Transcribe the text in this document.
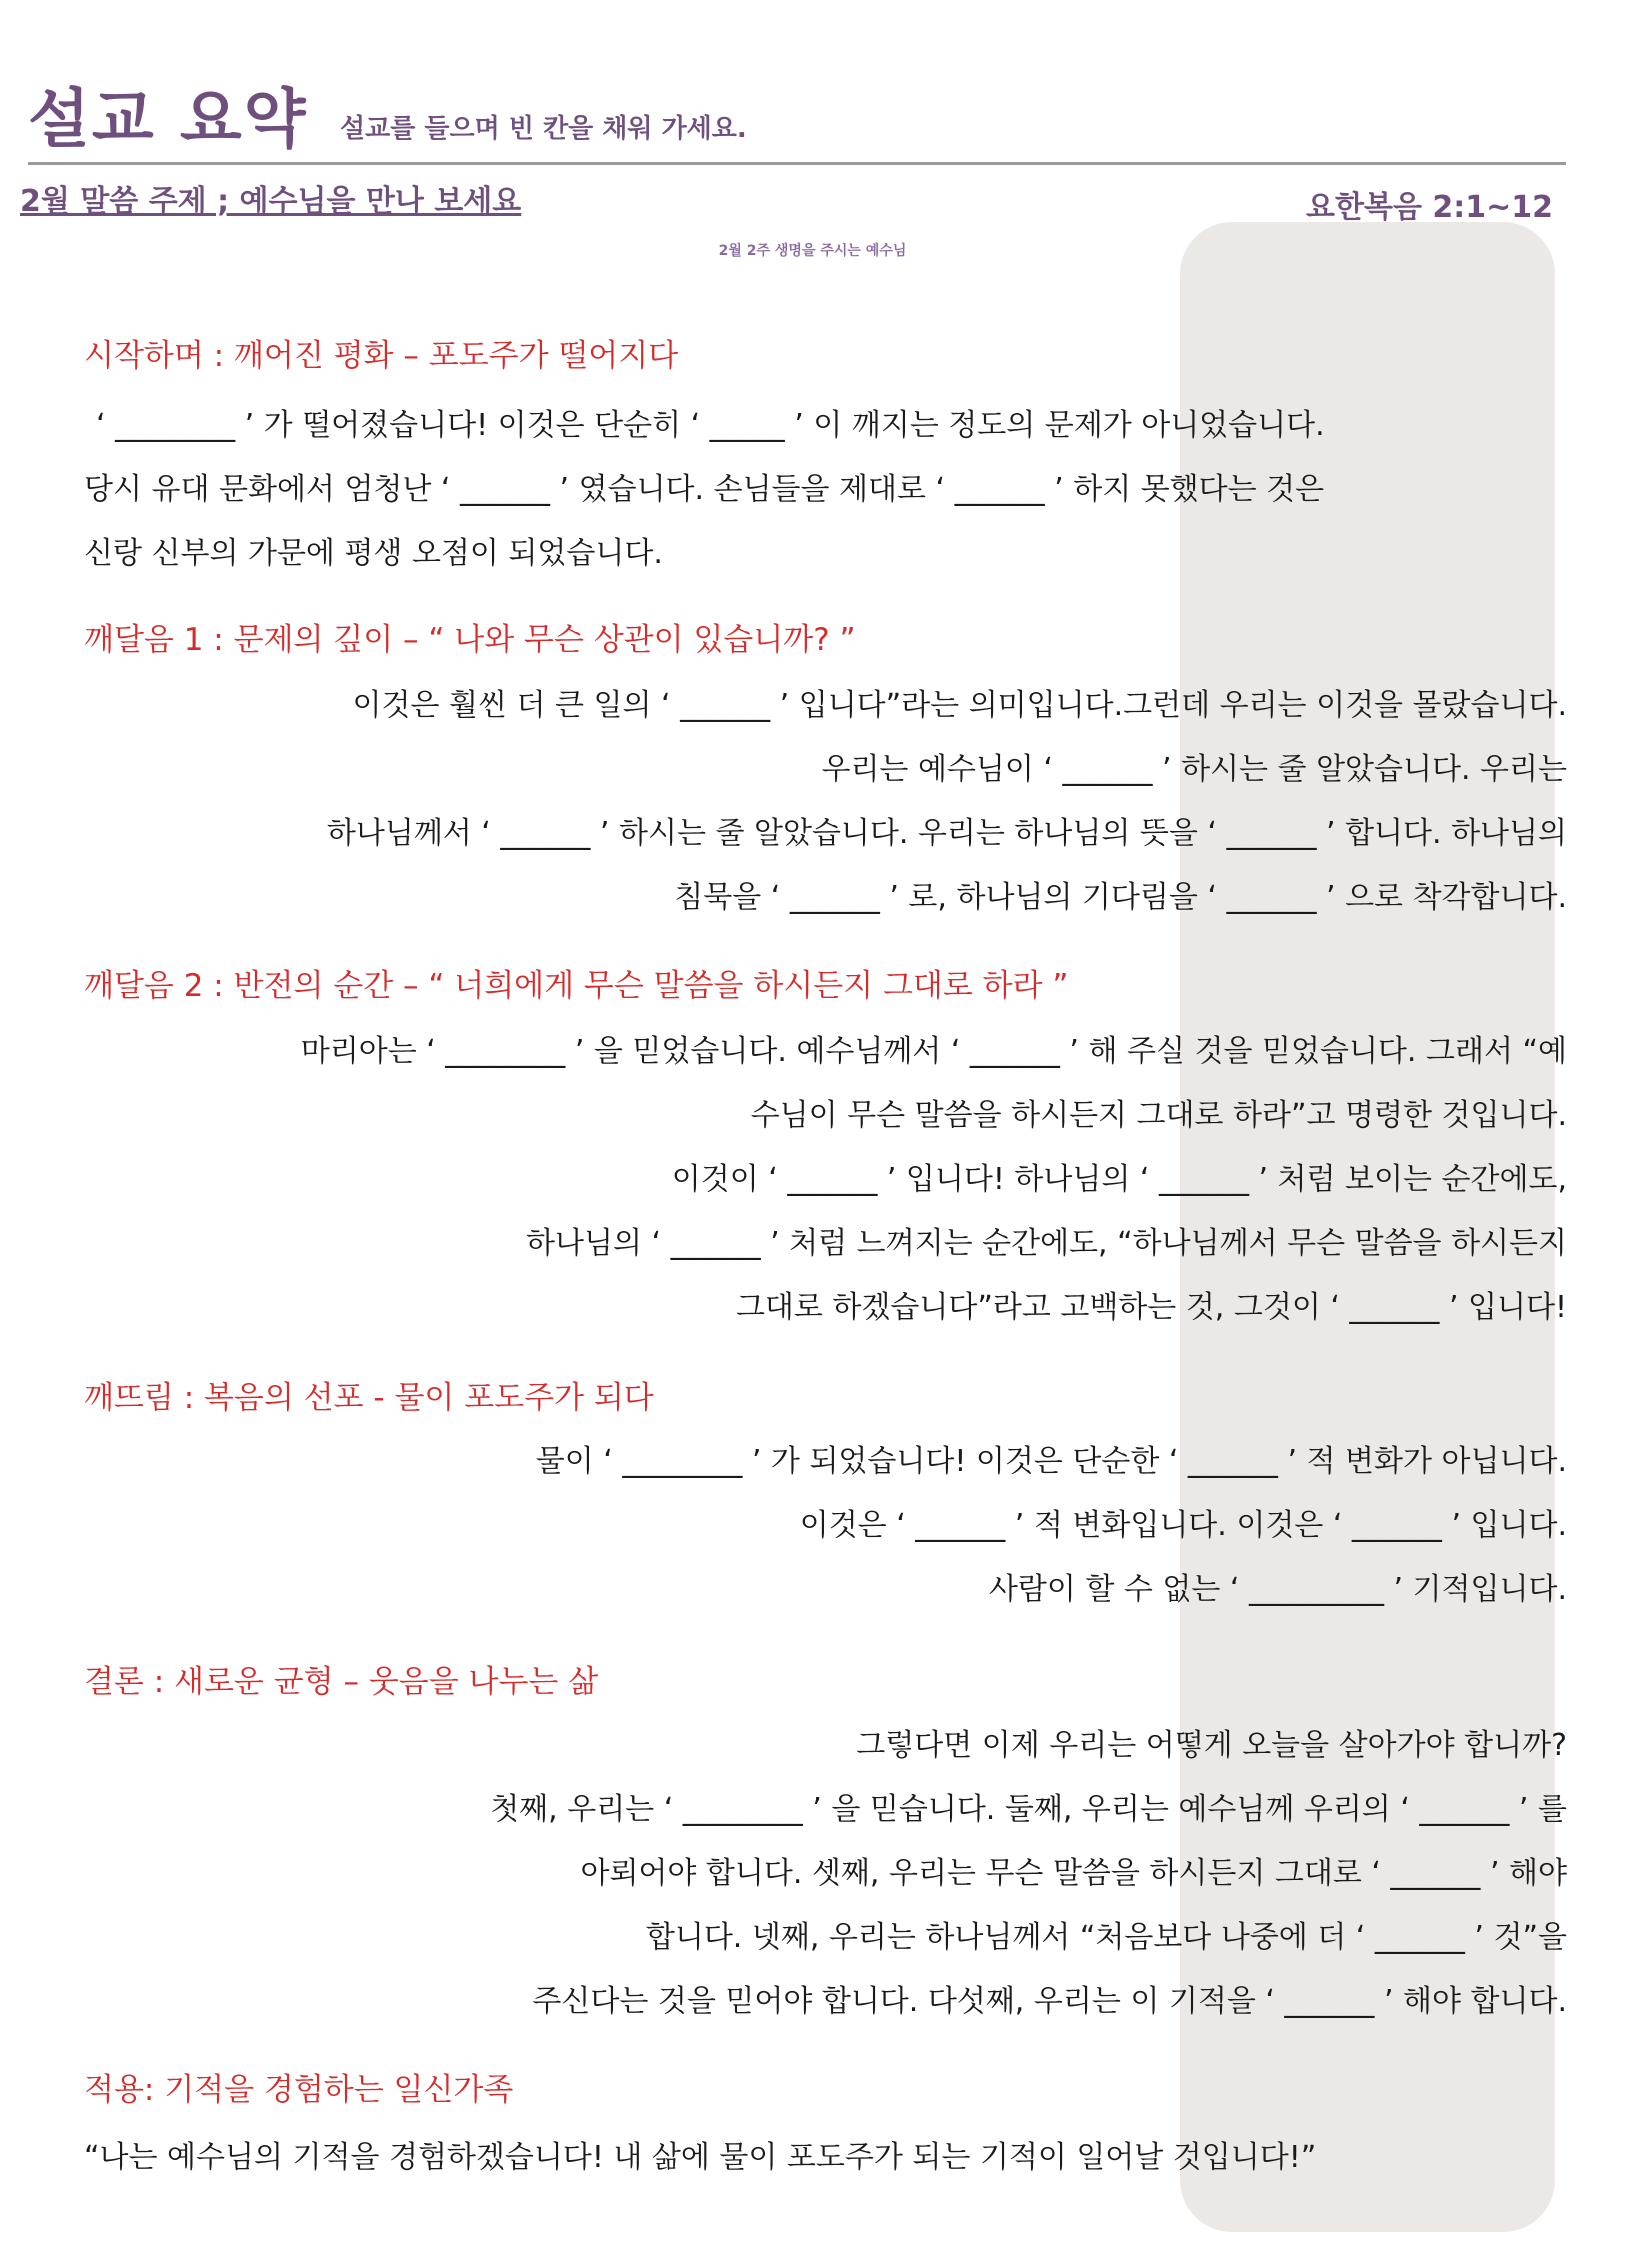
설교 요약 설교를 들으며 빈 칸을 채워 가세요.
2월 말씀 주제 ; 예수님을 만나 보세요	요한복음 2:1~12
2월 2주 생명을 주시는 예수님
시작하며 : 깨어진 평화 – 포도주가 떨어지다
‘ ________ ’ 가 떨어졌습니다! 이것은 단순히 ‘ _____ ’ 이 깨지는 정도의 문제가 아니었습니다.
당시 유대 문화에서 엄청난 ‘ ______ ’ 였습니다. 손님들을 제대로 ‘ ______ ’ 하지 못했다는 것은
신랑 신부의 가문에 평생 오점이 되었습니다.
깨달음 1 : 문제의 깊이 – “ 나와 무슨 상관이 있습니까? ”
이것은 훨씬 더 큰 일의 ‘ ______ ’ 입니다”라는 의미입니다.그런데 우리는 이것을 몰랐습니다.
우리는 예수님이 ‘ ______ ’ 하시는 줄 알았습니다. 우리는
하나님께서 ‘ ______ ’ 하시는 줄 알았습니다. 우리는 하나님의 뜻을 ‘ ______ ’ 합니다. 하나님의
침묵을 ‘ ______ ’ 로, 하나님의 기다림을 ‘ ______ ’ 으로 착각합니다.
깨달음 2 : 반전의 순간 – “ 너희에게 무슨 말씀을 하시든지 그대로 하라 ”
마리아는 ‘ ________ ’ 을 믿었습니다. 예수님께서 ‘ ______ ’ 해 주실 것을 믿었습니다. 그래서 “예
수님이 무슨 말씀을 하시든지 그대로 하라”고 명령한 것입니다.
이것이 ‘ ______ ’ 입니다! 하나님의 ‘ ______ ’ 처럼 보이는 순간에도,
하나님의 ‘ ______ ’ 처럼 느껴지는 순간에도, “하나님께서 무슨 말씀을 하시든지
그대로 하겠습니다”라고 고백하는 것, 그것이 ‘ ______ ’ 입니다!
깨뜨림 : 복음의 선포 - 물이 포도주가 되다
물이 ‘ ________ ’ 가 되었습니다! 이것은 단순한 ‘ ______ ’ 적 변화가 아닙니다.
이것은 ‘ ______ ’ 적 변화입니다. 이것은 ‘ ______ ’ 입니다.
사람이 할 수 없는 ‘ _________ ’ 기적입니다.
결론 : 새로운 균형 – 웃음을 나누는 삶
그렇다면 이제 우리는 어떻게 오늘을 살아가야 합니까?
첫째, 우리는 ‘ ________ ’ 을 믿습니다. 둘째, 우리는 예수님께 우리의 ‘ ______ ’ 를
아뢰어야 합니다. 셋째, 우리는 무슨 말씀을 하시든지 그대로 ‘ ______ ’ 해야
합니다. 넷째, 우리는 하나님께서 “처음보다 나중에 더 ‘ ______ ’ 것”을
주신다는 것을 믿어야 합니다. 다섯째, 우리는 이 기적을 ‘ ______ ’ 해야 합니다.
적용: 기적을 경험하는 일신가족
“나는 예수님의 기적을 경험하겠습니다! 내 삶에 물이 포도주가 되는 기적이 일어날 것입니다!”
